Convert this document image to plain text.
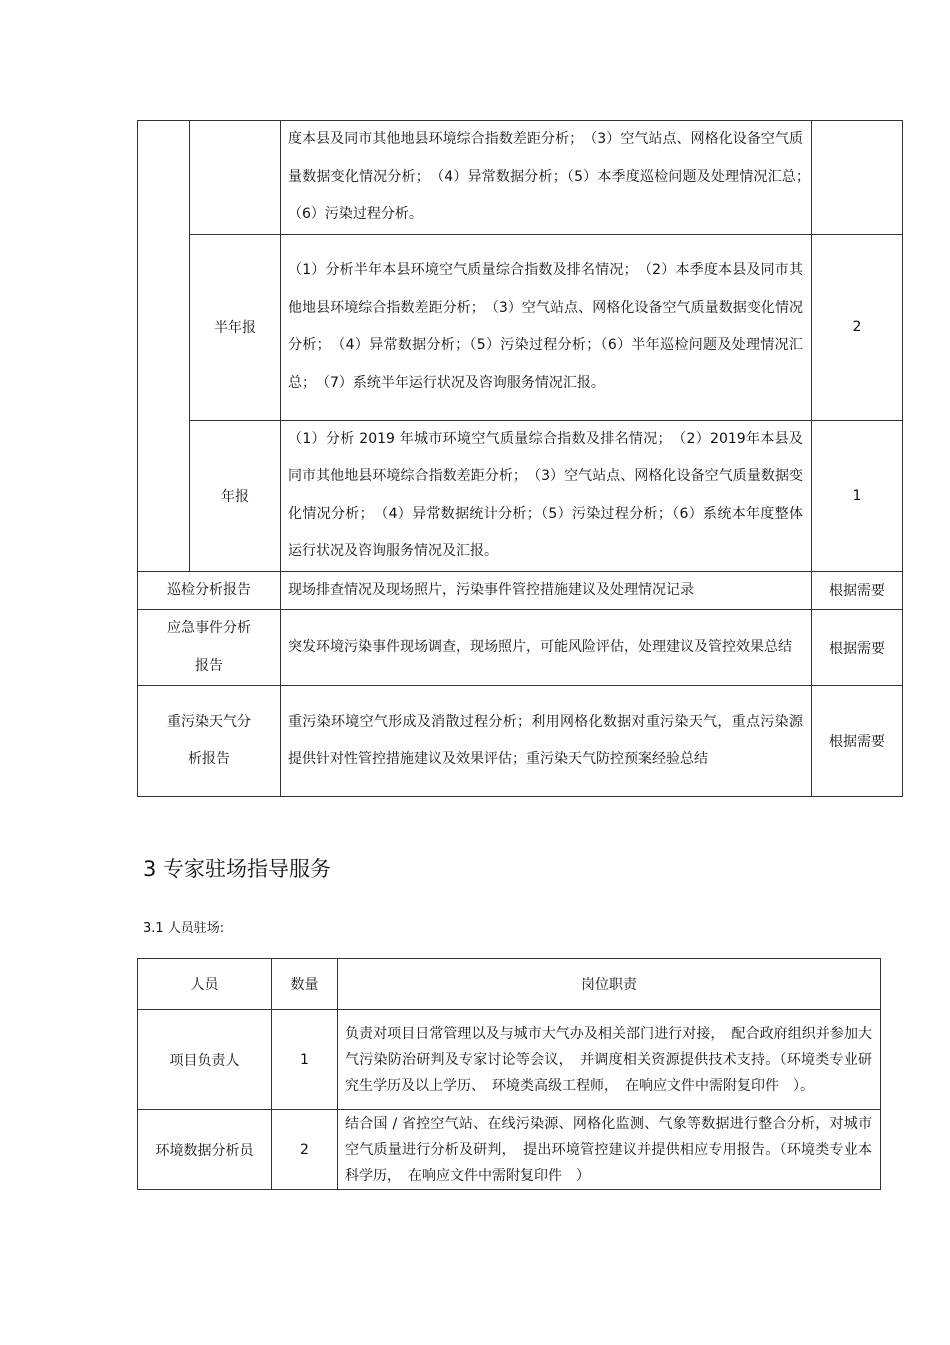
		度本县及同市其他地县环境综合指数差距分析；　（3）空气站点、网格化设备空气质量数据变化情况分析；　（4）异常数据分析；（5）本季度巡检问题及处理情况汇总；　（6）污染过程分析。	
	半年报	（1）分析半年本县环境空气质量综合指数及排名情况；　（2）本季度本县及同市其他地县环境综合指数差距分析；　（3）空气站点、网格化设备空气质量数据变化情况分析；　（4）异常数据分析；（5）污染过程分析；（6）半年巡检问题及处理情况汇总；　（7）系统半年运行状况及咨询服务情况汇报。	2
	年报	（1）分析 2019 年城市环境空气质量综合指数及排名情况；　（2）2019年本县及同市其他地县环境综合指数差距分析；　（3）空气站点、网格化设备空气质量数据变化情况分析；　（4）异常数据统计分析；（5）污染过程分析；（6）系统本年度整体运行状况及咨询服务情况及汇报。	1
巡检分析报告		现场排查情况及现场照片，污染事件管控措施建议及处理情况记录	根据需要
应急事件分析报告		突发环境污染事件现场调查，现场照片，可能风险评估，处理建议及管控效果总结	根据需要
重污染天气分析报告		重污染环境空气形成及消散过程分析；利用网格化数据对重污染天气，重点污染源提供针对性管控措施建议及效果评估；重污染天气防控预案经验总结	根据需要
3 专家驻场指导服务
3.1 人员驻场:
人员	数量	岗位职责
项目负责人	1	负责对项目日常管理以及与城市大气办及相关部门进行对接，　配合政府组织并参加大气污染防治研判及专家讨论等会议，　并调度相关资源提供技术支持。（环境类专业研究生学历及以上学历、　环境类高级工程师，　在响应文件中需附复印件　）。
环境数据分析员	2	结合国 / 省控空气站、在线污染源、网格化监测、气象等数据进行整合分析，对城市空气质量进行分析及研判，　提出环境管控建议并提供相应专用报告。（环境类专业本科学历，　在响应文件中需附复印件　）
